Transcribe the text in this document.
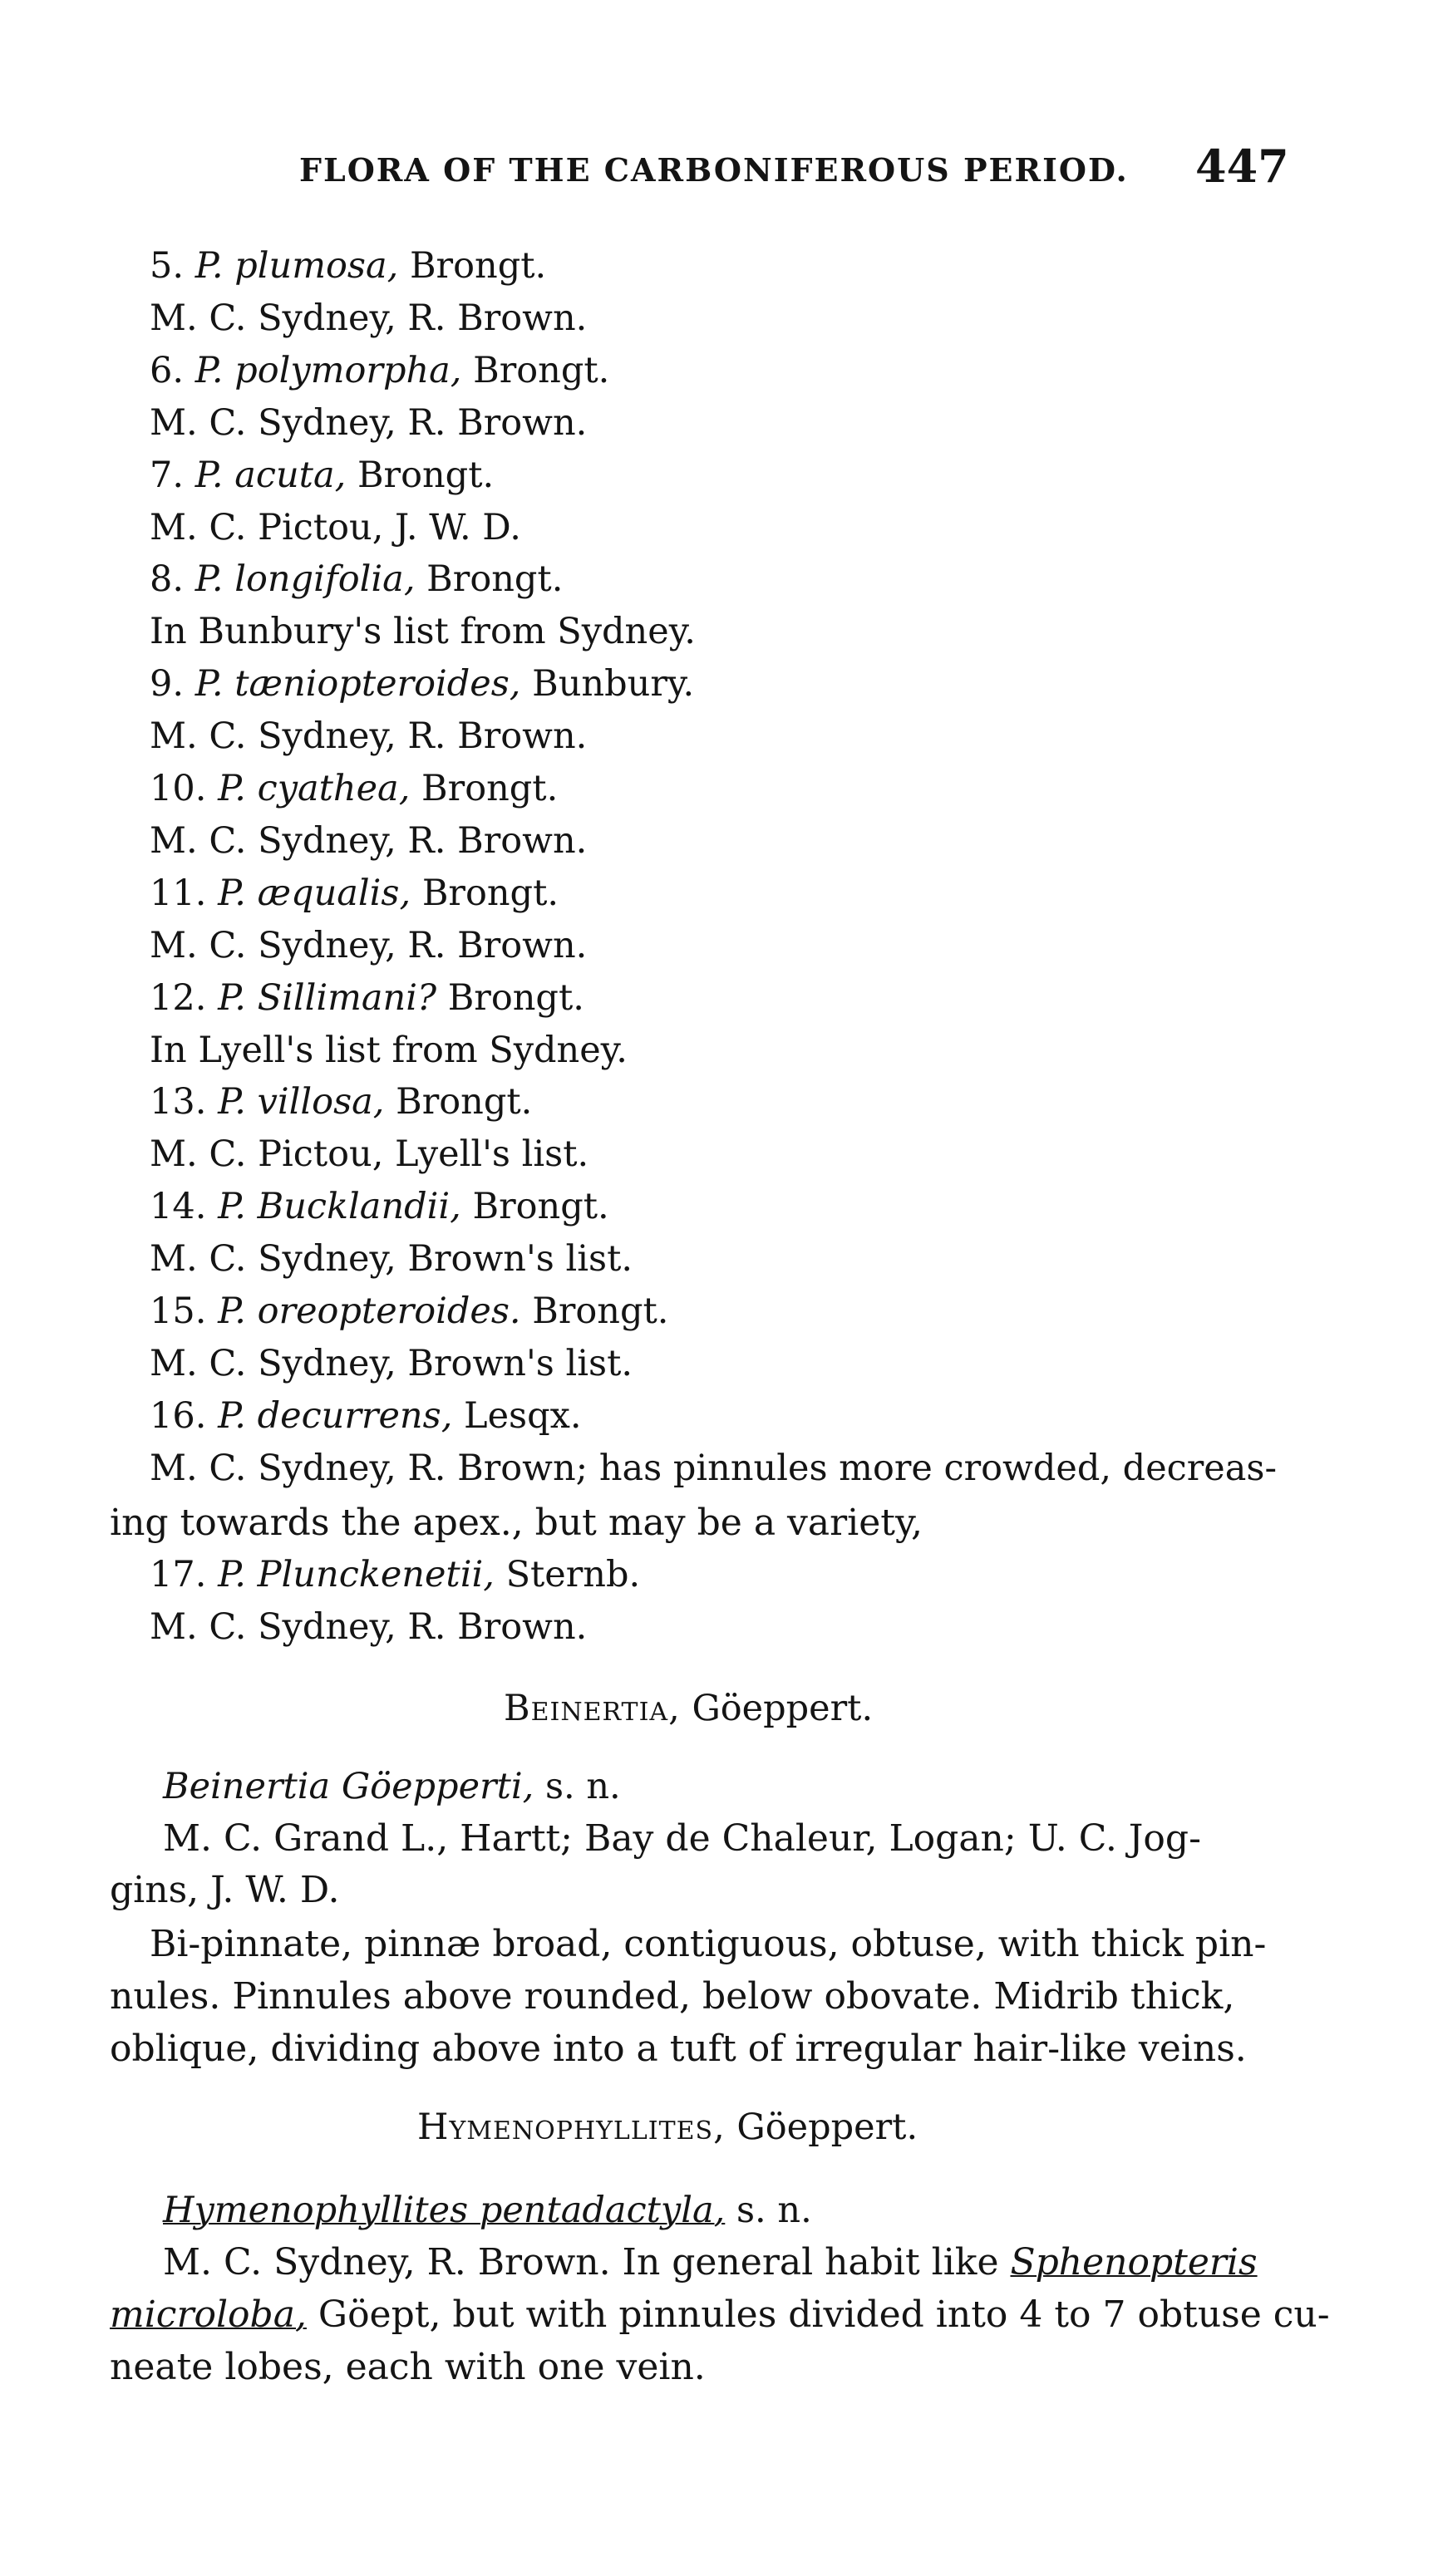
FLORA OF THE CARBONIFEROUS PERIOD. 447
5. P. plumosa, Brongt.
M. C. Sydney, R. Brown.
6. P. polymorpha, Brongt.
M. C. Sydney, R. Brown.
7. P. acuta, Brongt.
M. C. Pictou, J. W. D.
8. P. longifolia, Brongt.
In Bunbury's list from Sydney.
9. P. tæniopteroides, Bunbury.
M. C. Sydney, R. Brown.
10. P. cyathea, Brongt.
M. C. Sydney, R. Brown.
11. P. æqualis, Brongt.
M. C. Sydney, R. Brown.
12. P. Sillimani? Brongt.
In Lyell's list from Sydney.
13. P. villosa, Brongt.
M. C. Pictou, Lyell's list.
14. P. Bucklandii, Brongt.
M. C. Sydney, Brown's list.
15. P. oreopteroides. Brongt.
M. C. Sydney, Brown's list.
16. P. decurrens, Lesqx.
M. C. Sydney, R. Brown; has pinnules more crowded, decreas-
ing towards the apex., but may be a variety,
17. P. Plunckenetii, Sternb.
M. C. Sydney, R. Brown.
Beinertia, Göeppert.
Beinertia Göepperti, s. n.
M. C. Grand L., Hartt; Bay de Chaleur, Logan; U. C. Jog-
gins, J. W. D.
Bi-pinnate, pinnæ broad, contiguous, obtuse, with thick pin-
nules. Pinnules above rounded, below obovate. Midrib thick,
oblique, dividing above into a tuft of irregular hair-like veins.
Hymenophyllites, Göeppert.
Hymenophyllites pentadactyla, s. n.
M. C. Sydney, R. Brown. In general habit like Sphenopteris
microloba, Göept, but with pinnules divided into 4 to 7 obtuse cu-
neate lobes, each with one vein.
